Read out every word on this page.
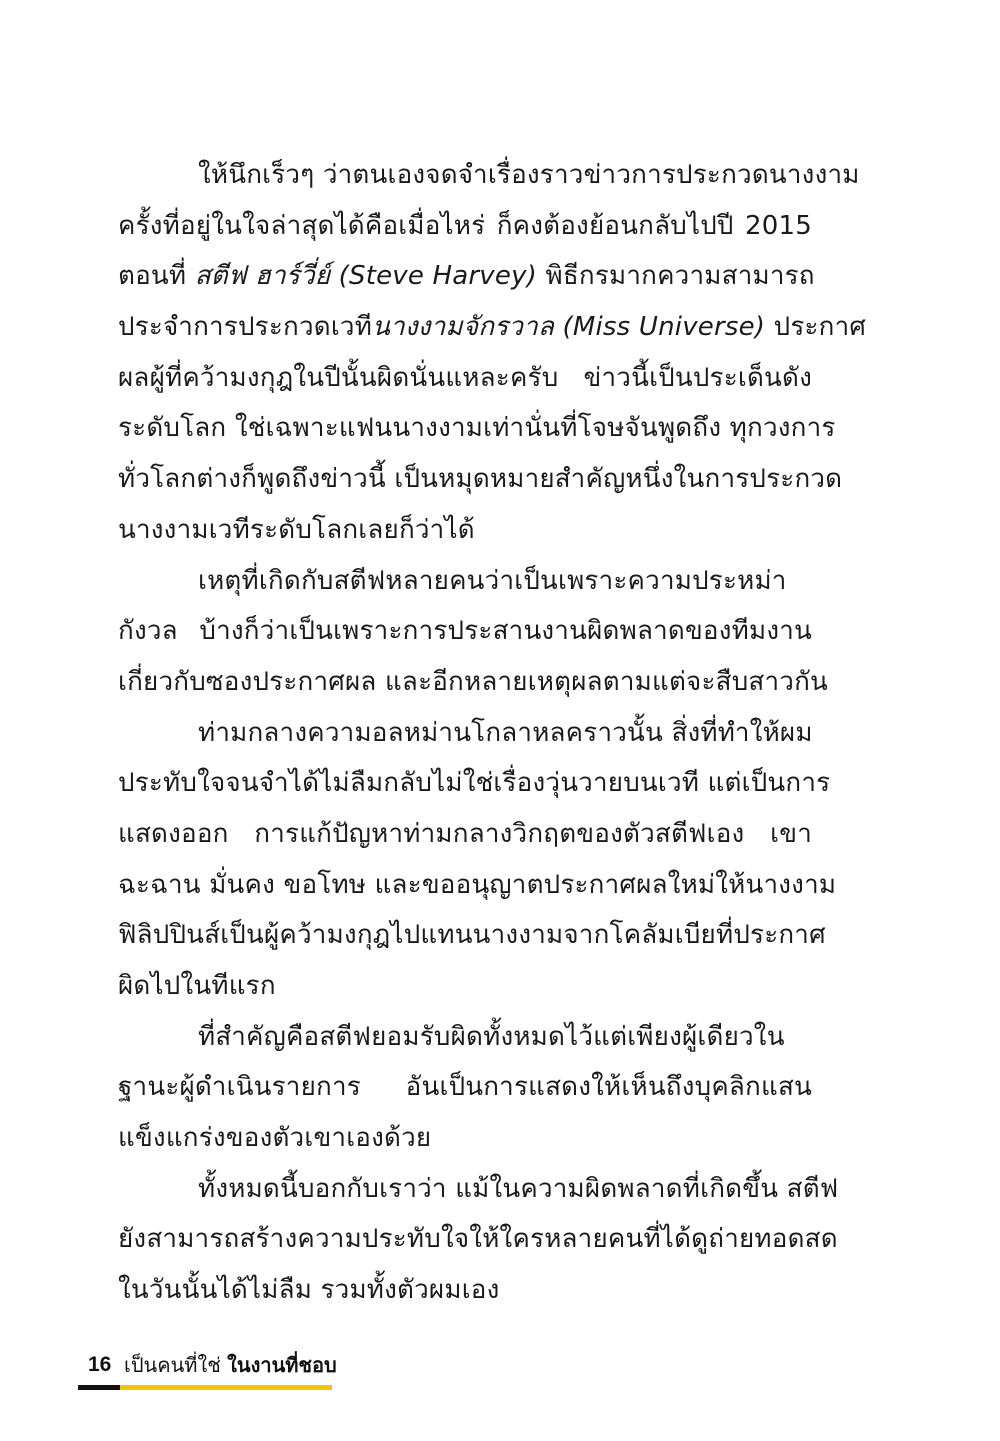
ให้นึกเร็วๆ ว่าตนเองจดจำเรื่องราวข่าวการประกวดนางงาม
ครั้งที่อยู่ในใจล่าสุดได้คือเมื่อไหร่ ก็คงต้องย้อนกลับไปปี 2015
ตอนที่ สตีฟ ฮาร์วี่ย์ (Steve Harvey) พิธีกรมากความสามารถ
ประจำการประกวดเวทีนางงามจักรวาล (Miss Universe) ประกาศ
ผลผู้ที่คว้ามงกุฎในปีนั้นผิดนั่นแหละครับ ข่าวนี้เป็นประเด็นดัง
ระดับโลก ใช่เฉพาะแฟนนางงามเท่านั่นที่โจษจันพูดถึง ทุกวงการ
ทั่วโลกต่างก็พูดถึงข่าวนี้ เป็นหมุดหมายสำคัญหนึ่งในการประกวด
นางงามเวทีระดับโลกเลยก็ว่าได้
เหตุที่เกิดกับสตีฟหลายคนว่าเป็นเพราะความประหม่า
กังวล บ้างก็ว่าเป็นเพราะการประสานงานผิดพลาดของทีมงาน
เกี่ยวกับซองประกาศผล และอีกหลายเหตุผลตามแต่จะสืบสาวกัน
ท่ามกลางความอลหม่านโกลาหลคราวนั้น สิ่งที่ทำให้ผม
ประทับใจจนจำได้ไม่ลืมกลับไม่ใช่เรื่องวุ่นวายบนเวที แต่เป็นการ
แสดงออก การแก้ปัญหาท่ามกลางวิกฤตของตัวสตีฟเอง เขา
ฉะฉาน มั่นคง ขอโทษ และขออนุญาตประกาศผลใหม่ให้นางงาม
ฟิลิปปินส์เป็นผู้คว้ามงกุฎไปแทนนางงามจากโคลัมเบียที่ประกาศ
ผิดไปในทีแรก
ที่สำคัญคือสตีฟยอมรับผิดทั้งหมดไว้แต่เพียงผู้เดียวใน
ฐานะผู้ดำเนินรายการ อันเป็นการแสดงให้เห็นถึงบุคลิกแสน
แข็งแกร่งของตัวเขาเองด้วย
ทั้งหมดนี้บอกกับเราว่า แม้ในความผิดพลาดที่เกิดขึ้น สตีฟ
ยังสามารถสร้างความประทับใจให้ใครหลายคนที่ได้ดูถ่ายทอดสด
ในวันนั้นได้ไม่ลืม รวมทั้งตัวผมเอง
16 เป็นคนที่ใช่ ในงานที่ชอบ
